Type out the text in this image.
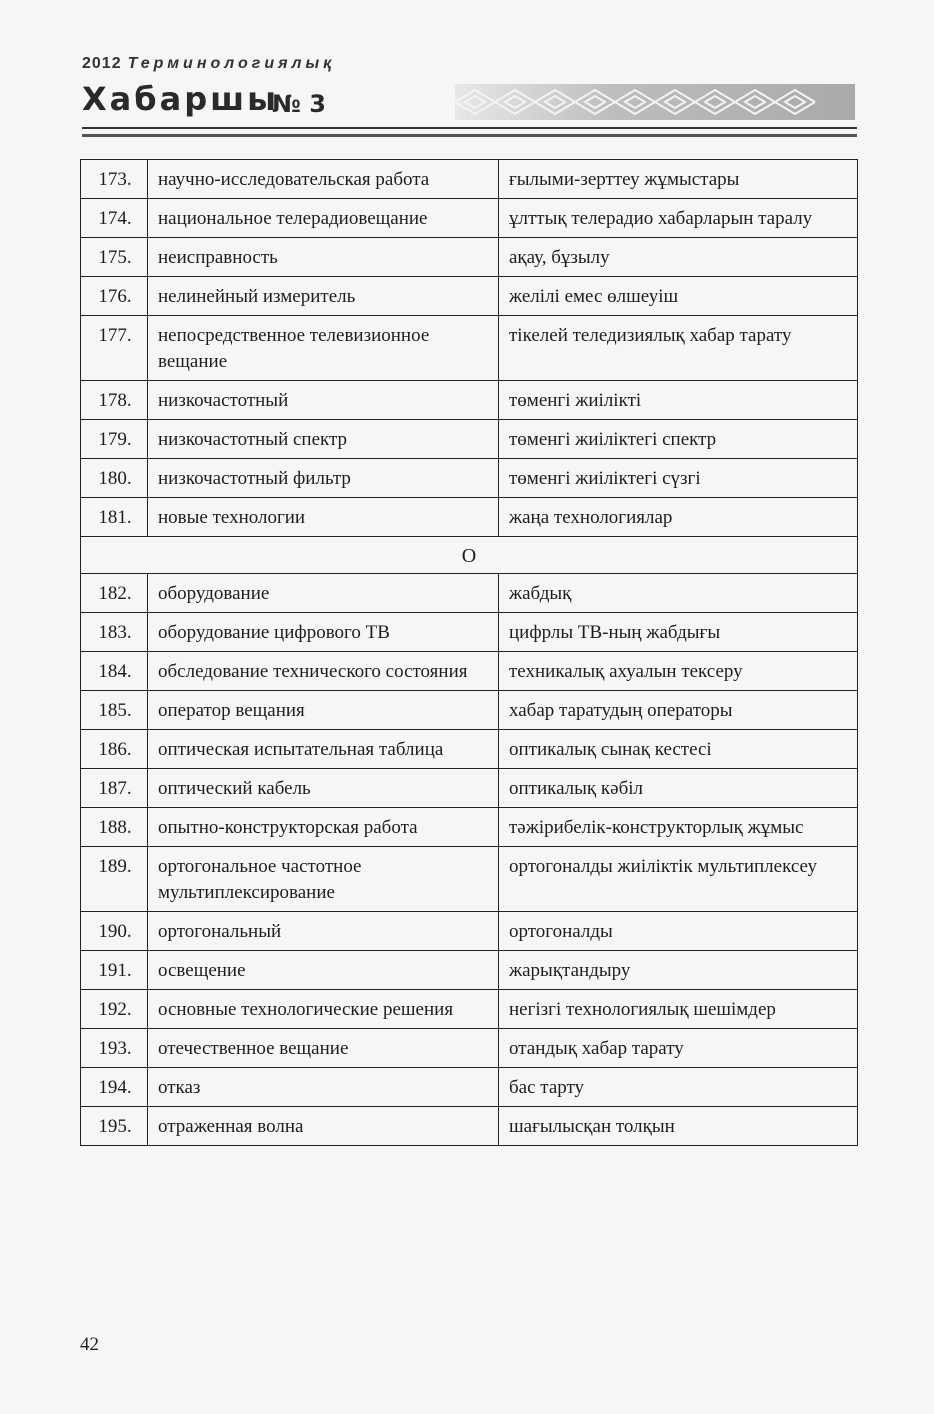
2012 Терминологиялық
Хабаршы
№ 3
173.	научно-исследовательская работа	ғылыми-зерттеу жұмыстары
174.	национальное телерадиовещание	ұлттық телерадио хабарларын таралу
175.	неисправность	ақау, бұзылу
176.	нелинейный измеритель	желілі емес өлшеуіш
177.	непосредственное телевизионное вещание	тікелей теледизиялық хабар тарату
178.	низкочастотный	төменгі жиілікті
179.	низкочастотный спектр	төменгі жиіліктегі спектр
180.	низкочастотный фильтр	төменгі жиіліктегі сүзгі
181.	новые технологии	жаңа технологиялар
О		
182.	оборудование	жабдық
183.	оборудование цифрового ТВ	цифрлы ТВ-ның жабдығы
184.	обследование технического состояния	техникалық ахуалын тексеру
185.	оператор вещания	хабар таратудың операторы
186.	оптическая испытательная таблица	оптикалық сынақ кестесі
187.	оптический кабель	оптикалық кәбіл
188.	опытно-конструкторская работа	тәжірибелік-конструкторлық жұмыс
189.	ортогональное частотное мультиплексирование	ортогоналды жиіліктік мультиплексеу
190.	ортогональный	ортогоналды
191.	освещение	жарықтандыру
192.	основные технологические решения	негізгі технологиялық шешімдер
193.	отечественное вещание	отандық хабар тарату
194.	отказ	бас тарту
195.	отраженная волна	шағылысқан толқын
42
